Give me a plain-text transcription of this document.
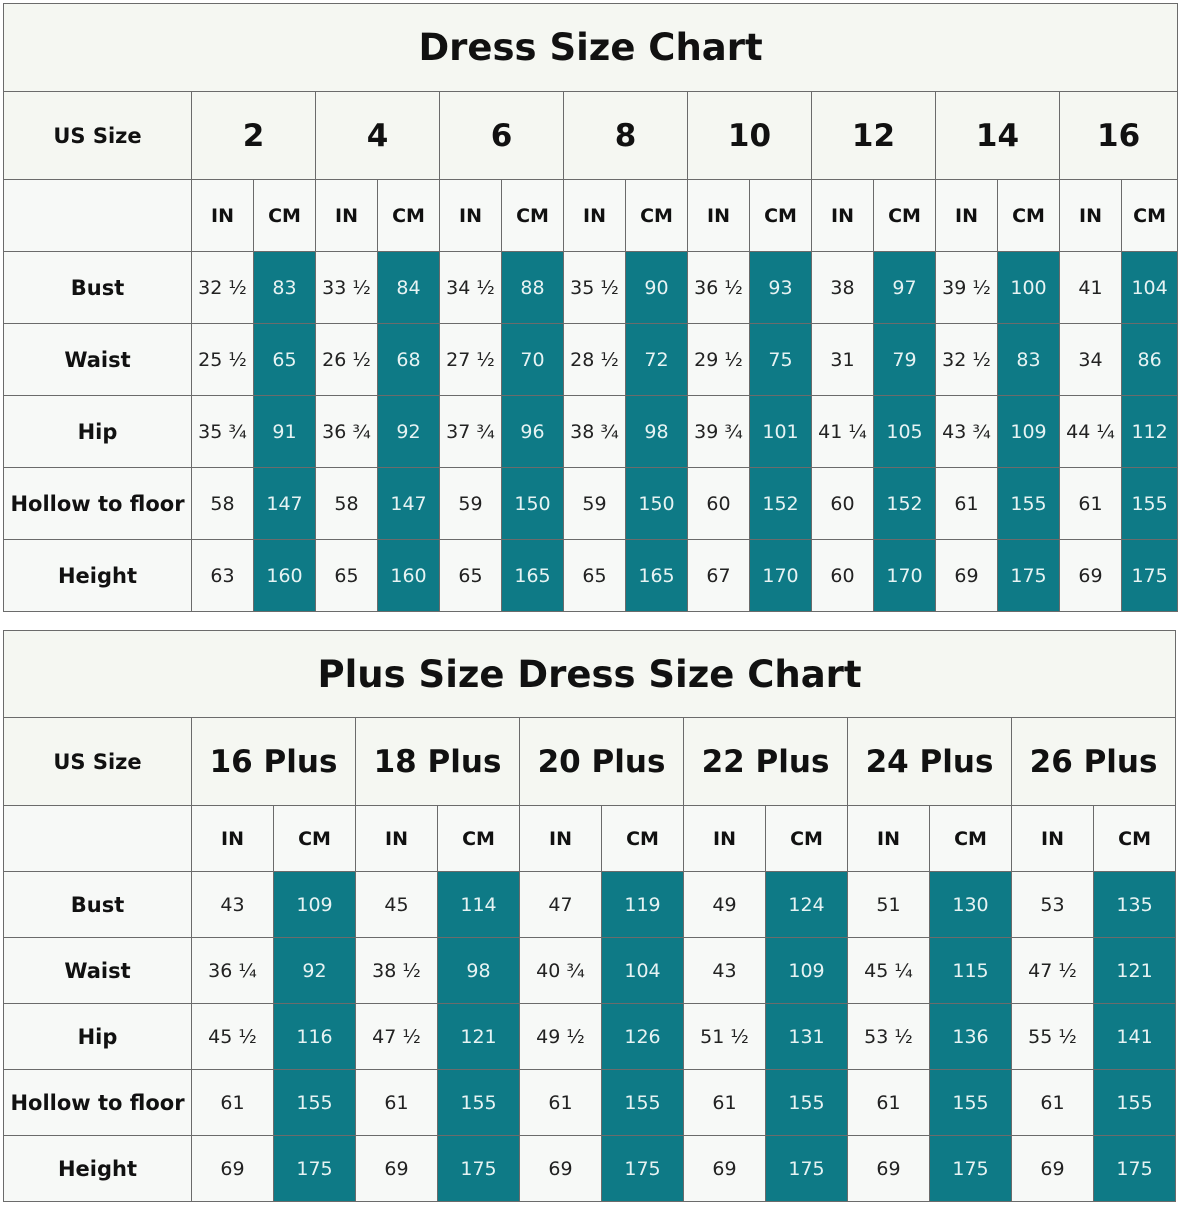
Dress Size Chart																
US Size	2		4		6		8		10		12		14		16	
	IN	CM	IN	CM	IN	CM	IN	CM	IN	CM	IN	CM	IN	CM	IN	CM
Bust	32 ½	83	33 ½	84	34 ½	88	35 ½	90	36 ½	93	38	97	39 ½	100	41	104
Waist	25 ½	65	26 ½	68	27 ½	70	28 ½	72	29 ½	75	31	79	32 ½	83	34	86
Hip	35 ¾	91	36 ¾	92	37 ¾	96	38 ¾	98	39 ¾	101	41 ¼	105	43 ¾	109	44 ¼	112
Hollow to floor	58	147	58	147	59	150	59	150	60	152	60	152	61	155	61	155
Height	63	160	65	160	65	165	65	165	67	170	60	170	69	175	69	175
Plus Size Dress Size Chart												
US Size	16 Plus		18 Plus		20 Plus		22 Plus		24 Plus		26 Plus	
	IN	CM	IN	CM	IN	CM	IN	CM	IN	CM	IN	CM
Bust	43	109	45	114	47	119	49	124	51	130	53	135
Waist	36 ¼	92	38 ½	98	40 ¾	104	43	109	45 ¼	115	47 ½	121
Hip	45 ½	116	47 ½	121	49 ½	126	51 ½	131	53 ½	136	55 ½	141
Hollow to floor	61	155	61	155	61	155	61	155	61	155	61	155
Height	69	175	69	175	69	175	69	175	69	175	69	175
